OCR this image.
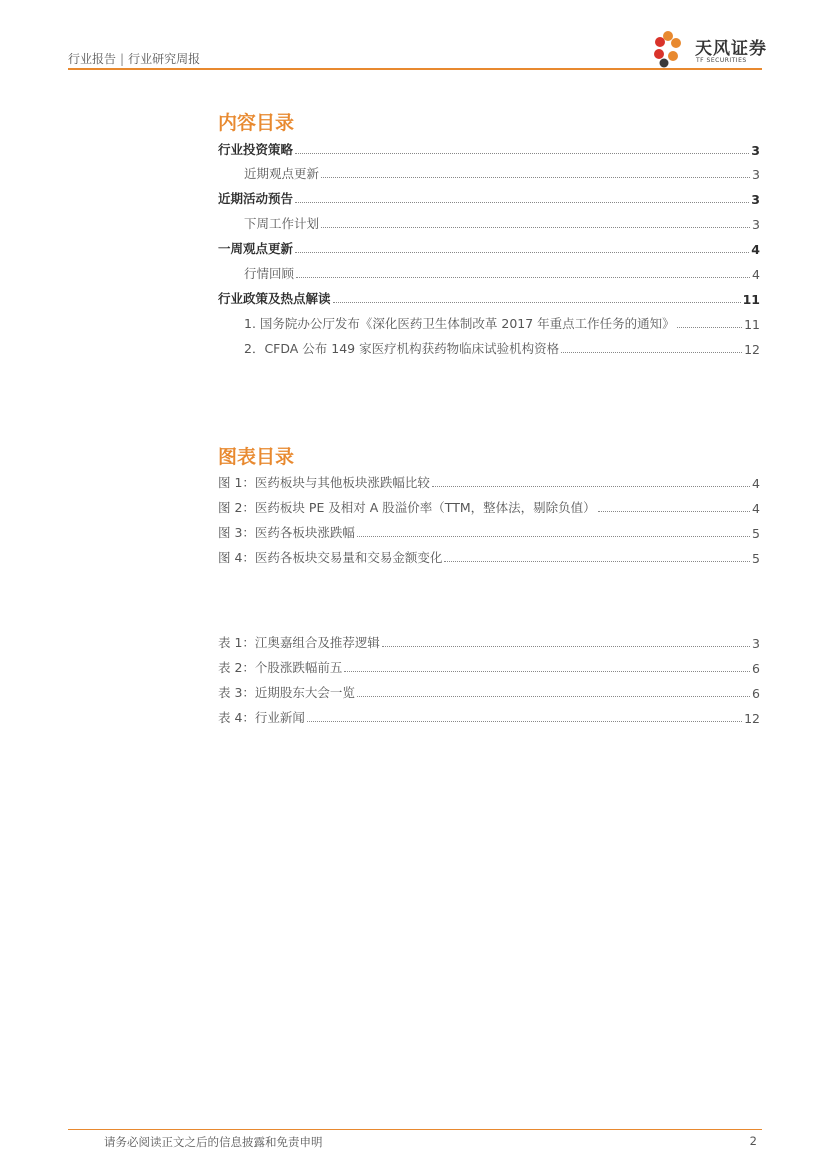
行业报告 | 行业研究周报	天风证券
TF SECURITIES
内容目录
行业投资策略	3
近期观点更新	3
近期活动预告	3
下周工作计划	3
一周观点更新	4
行情回顾	4
行业政策及热点解读	11
1. 国务院办公厅发布《深化医药卫生体制改革 2017 年重点工作任务的通知》	11
2．CFDA 公布 149 家医疗机构获药物临床试验机构资格	12
图表目录
图 1：医药板块与其他板块涨跌幅比较	4
图 2：医药板块 PE 及相对 A 股溢价率（TTM，整体法，剔除负值）	4
图 3：医药各板块涨跌幅	5
图 4：医药各板块交易量和交易金额变化	5
表 1：江奥嘉组合及推荐逻辑	3
表 2：个股涨跌幅前五	6
表 3：近期股东大会一览	6
表 4：行业新闻	12
请务必阅读正文之后的信息披露和免责申明	2
